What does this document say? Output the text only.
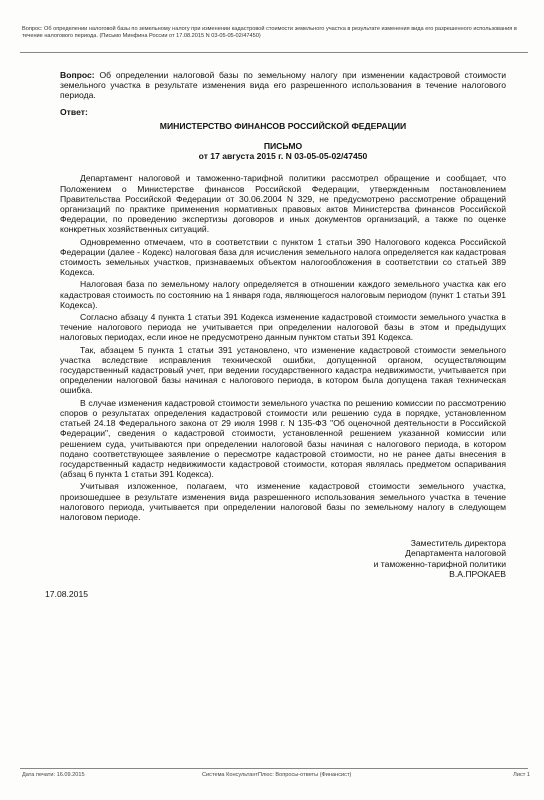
Вопрос: Об определении налоговой базы по земельному налогу при изменении кадастровой стоимости земельного участка в результате изменения вида его разрешенного использования в течение налогового периода. (Письмо Минфина России от 17.08.2015 N 03-05-05-02/47450)
Вопрос: Об определении налоговой базы по земельному налогу при изменении кадастровой стоимости земельного участка в результате изменения вида его разрешенного использования в течение налогового периода.
Ответ:
МИНИСТЕРСТВО ФИНАНСОВ РОССИЙСКОЙ ФЕДЕРАЦИИ
ПИСЬМО
от 17 августа 2015 г. N 03-05-05-02/47450

Департамент налоговой и таможенно-тарифной политики рассмотрел обращение и сообщает, что Положением о Министерстве финансов Российской Федерации, утвержденным постановлением Правительства Российской Федерации от 30.06.2004 N 329, не предусмотрено рассмотрение обращений организаций по практике применения нормативных правовых актов Министерства финансов Российской Федерации, по проведению экспертизы договоров и иных документов организаций, а также по оценке конкретных хозяйственных ситуаций.

Одновременно отмечаем, что в соответствии с пунктом 1 статьи 390 Налогового кодекса Российской Федерации (далее - Кодекс) налоговая база для исчисления земельного налога определяется как кадастровая стоимость земельных участков, признаваемых объектом налогообложения в соответствии со статьей 389 Кодекса.

Налоговая база по земельному налогу определяется в отношении каждого земельного участка как его кадастровая стоимость по состоянию на 1 января года, являющегося налоговым периодом (пункт 1 статьи 391 Кодекса).

Согласно абзацу 4 пункта 1 статьи 391 Кодекса изменение кадастровой стоимости земельного участка в течение налогового периода не учитывается при определении налоговой базы в этом и предыдущих налоговых периодах, если иное не предусмотрено данным пунктом статьи 391 Кодекса.

Так, абзацем 5 пункта 1 статьи 391 установлено, что изменение кадастровой стоимости земельного участка вследствие исправления технической ошибки, допущенной органом, осуществляющим государственный кадастровый учет, при ведении государственного кадастра недвижимости, учитывается при определении налоговой базы начиная с налогового периода, в котором была допущена такая техническая ошибка.

В случае изменения кадастровой стоимости земельного участка по решению комиссии по рассмотрению споров о результатах определения кадастровой стоимости или решению суда в порядке, установленном статьей 24.18 Федерального закона от 29 июля 1998 г. N 135-ФЗ "Об оценочной деятельности в Российской Федерации", сведения о кадастровой стоимости, установленной решением указанной комиссии или решением суда, учитываются при определении налоговой базы начиная с налогового периода, в котором подано соответствующее заявление о пересмотре кадастровой стоимости, но не ранее даты внесения в государственный кадастр недвижимости кадастровой стоимости, которая являлась предметом оспаривания (абзац 6 пункта 1 статьи 391 Кодекса).

Учитывая изложенное, полагаем, что изменение кадастровой стоимости земельного участка, произошедшее в результате изменения вида разрешенного использования земельного участка в течение налогового периода, учитывается при определении налоговой базы по земельному налогу в следующем налоговом периоде.

Заместитель директора
Департамента налоговой
и таможенно-тарифной политики
В.А.ПРОКАЕВ
17.08.2015
Дата печати: 16.09.2015	Система КонсультантПлюс: Вопросы-ответы (Финансист)	Лист 1
